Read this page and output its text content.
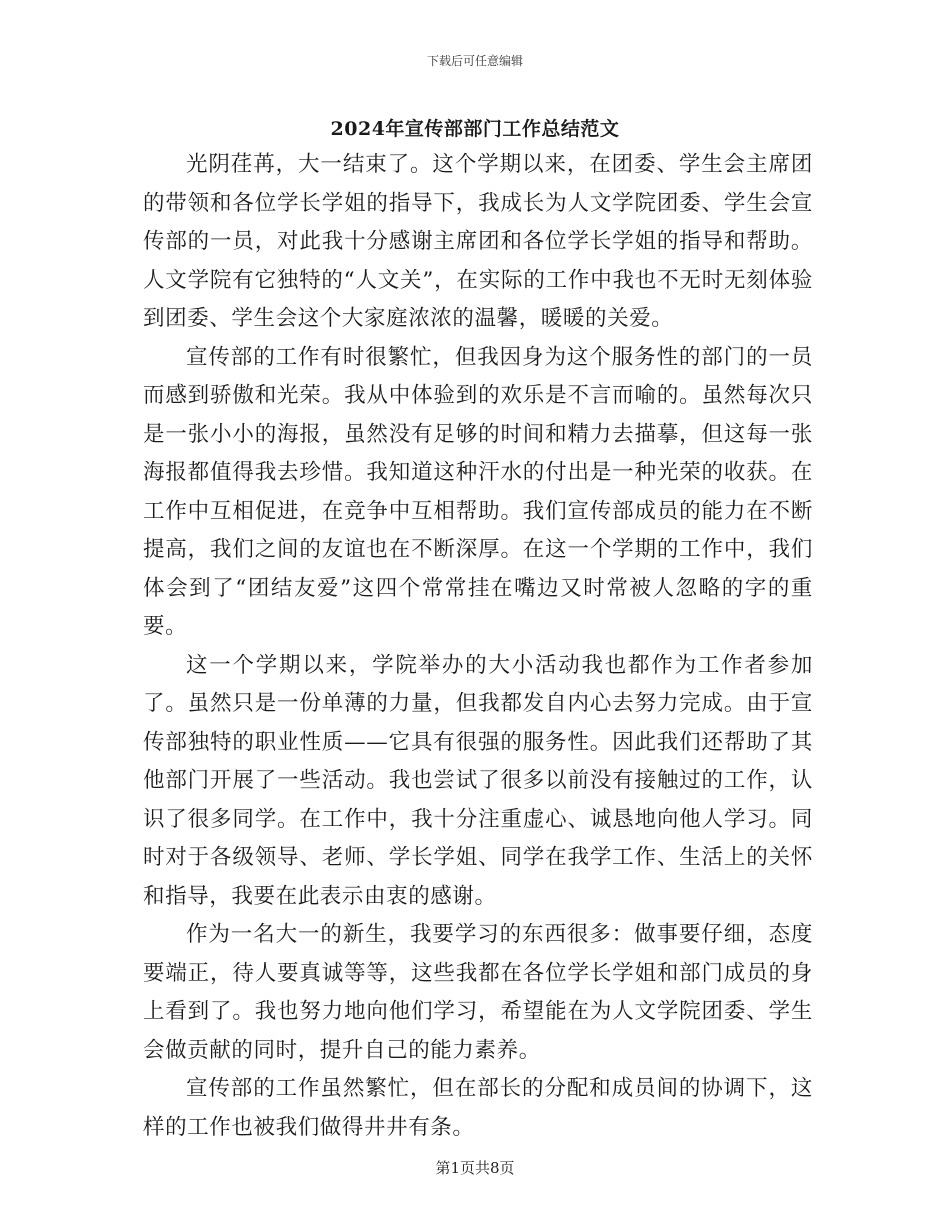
下载后可任意编辑
2024年宣传部部门工作总结范文

光阴荏苒，大一结束了。这个学期以来，在团委、学生会主席团的带领和各位学长学姐的指导下，我成长为人文学院团委、学生会宣传部的一员，对此我十分感谢主席团和各位学长学姐的指导和帮助。人文学院有它独特的“人文关”，在实际的工作中我也不无时无刻体验到团委、学生会这个大家庭浓浓的温馨，暖暖的关爱。

宣传部的工作有时很繁忙，但我因身为这个服务性的部门的一员而感到骄傲和光荣。我从中体验到的欢乐是不言而喻的。虽然每次只是一张小小的海报，虽然没有足够的时间和精力去描摹，但这每一张海报都值得我去珍惜。我知道这种汗水的付出是一种光荣的收获。在工作中互相促进，在竞争中互相帮助。我们宣传部成员的能力在不断提高，我们之间的友谊也在不断深厚。在这一个学期的工作中，我们体会到了“团结友爱”这四个常常挂在嘴边又时常被人忽略的字的重要。

这一个学期以来，学院举办的大小活动我也都作为工作者参加了。虽然只是一份单薄的力量，但我都发自内心去努力完成。由于宣传部独特的职业性质——它具有很强的服务性。因此我们还帮助了其他部门开展了一些活动。我也尝试了很多以前没有接触过的工作，认识了很多同学。在工作中，我十分注重虚心、诚恳地向他人学习。同时对于各级领导、老师、学长学姐、同学在我学工作、生活上的关怀和指导，我要在此表示由衷的感谢。

作为一名大一的新生，我要学习的东西很多：做事要仔细，态度要端正，待人要真诚等等，这些我都在各位学长学姐和部门成员的身上看到了。我也努力地向他们学习，希望能在为人文学院团委、学生会做贡献的同时，提升自己的能力素养。

宣传部的工作虽然繁忙，但在部长的分配和成员间的协调下，这样的工作也被我们做得井井有条。

第1页共8页
